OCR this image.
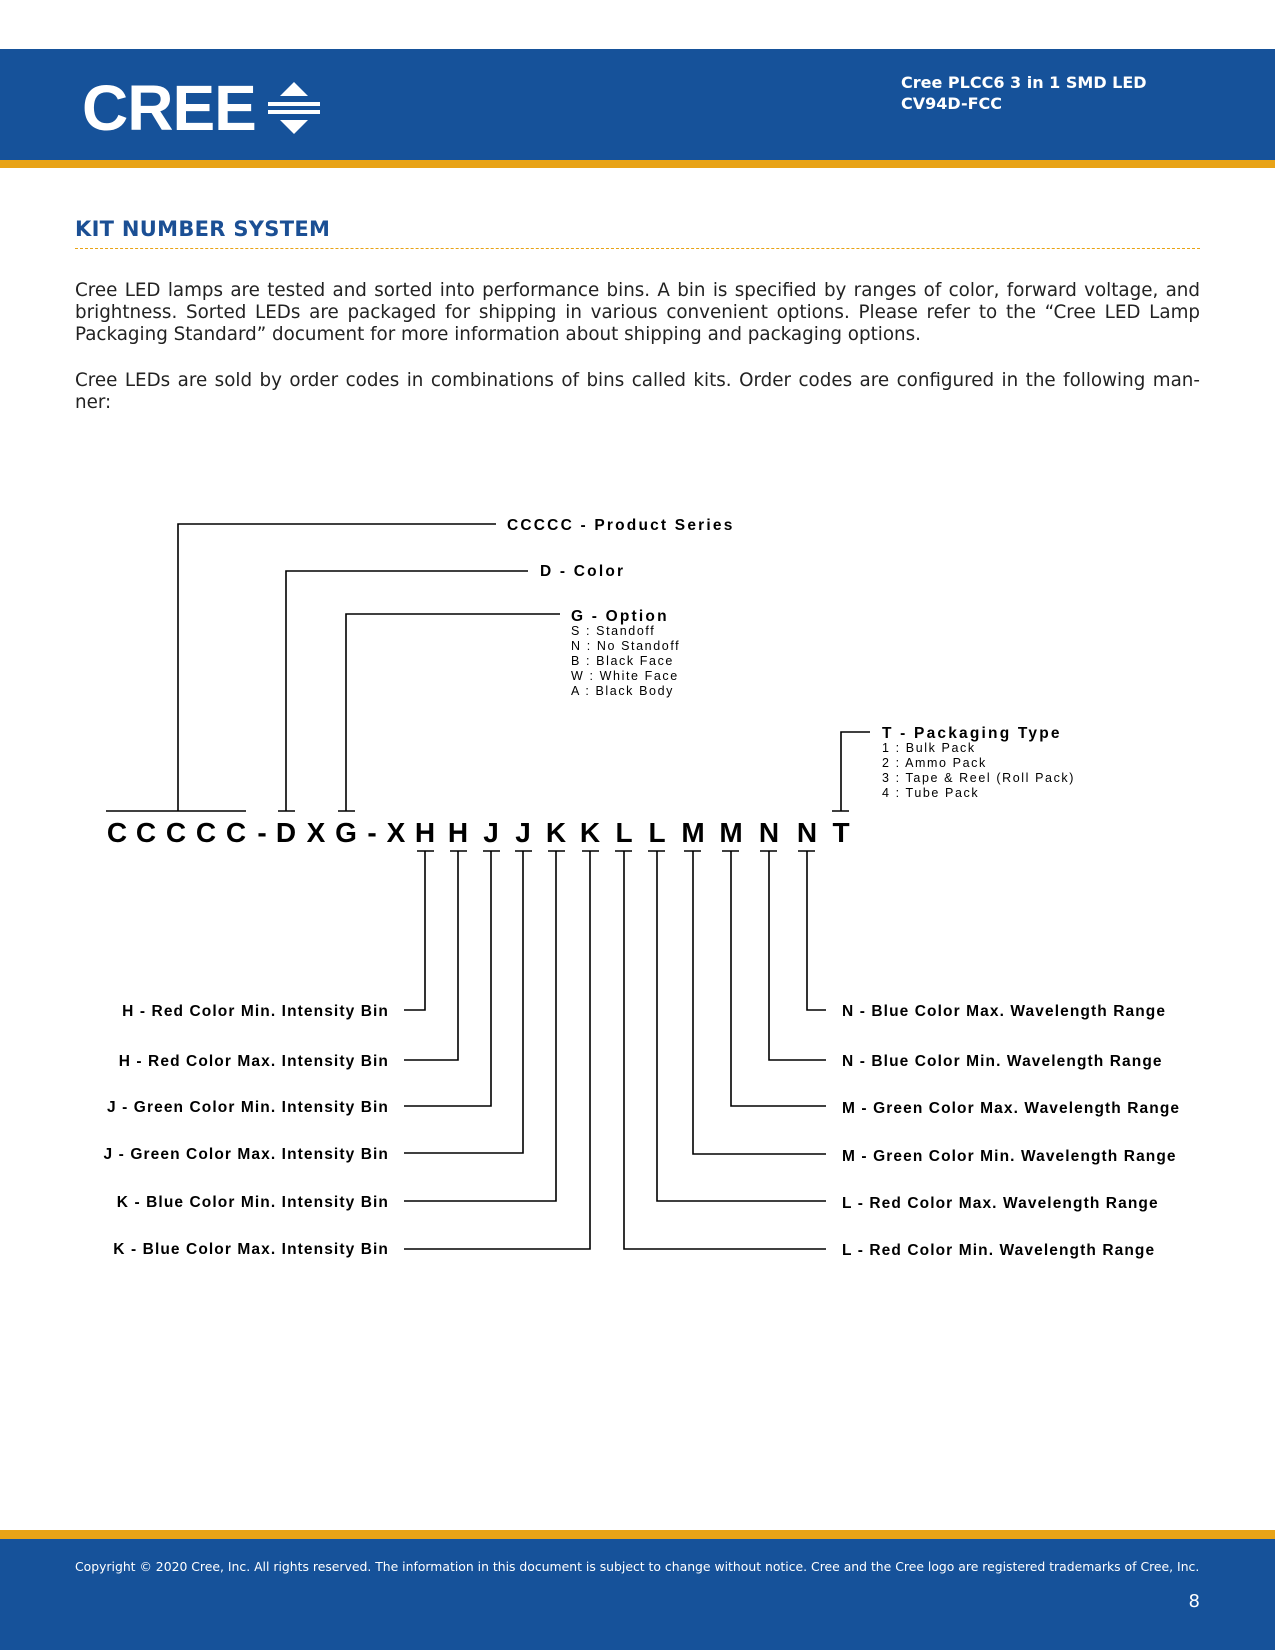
CREE	Cree PLCC6 3 in 1 SMD LED
CV94D-FCC
KIT NUMBER SYSTEM

Cree LED lamps are tested and sorted into performance bins. A bin is specified by ranges of color, forward voltage, and brightness. Sorted LEDs are packaged for shipping in various convenient options. Please refer to the “Cree LED Lamp Packaging Standard” document for more information about shipping and packaging options.

Cree LEDs are sold by order codes in combinations of bins called kits. Order codes are configured in the following man-ner:

C C C C C - D X G - X H H J J K K L L M M N N T
CCCCC - Product Series
D - Color
G - Option
T - Packaging Type
S : Standoff
N : No Standoff
B : Black Face
W : White Face
A : Black Body
1 : Bulk Pack
2 : Ammo Pack
3 : Tape & Reel (Roll Pack)
4 : Tube Pack
H - Red Color Min. Intensity Bin
H - Red Color Max. Intensity Bin
J - Green Color Min. Intensity Bin
J - Green Color Max. Intensity Bin
K - Blue Color Min. Intensity Bin
K - Blue Color Max. Intensity Bin
N - Blue Color Max. Wavelength Range
N - Blue Color Min. Wavelength Range
M - Green Color Max. Wavelength Range
M - Green Color Min. Wavelength Range
L - Red Color Max. Wavelength Range
L - Red Color Min. Wavelength Range
Copyright © 2020 Cree, Inc. All rights reserved. The information in this document is subject to change without notice. Cree and the Cree logo are registered trademarks of Cree, Inc.
8
